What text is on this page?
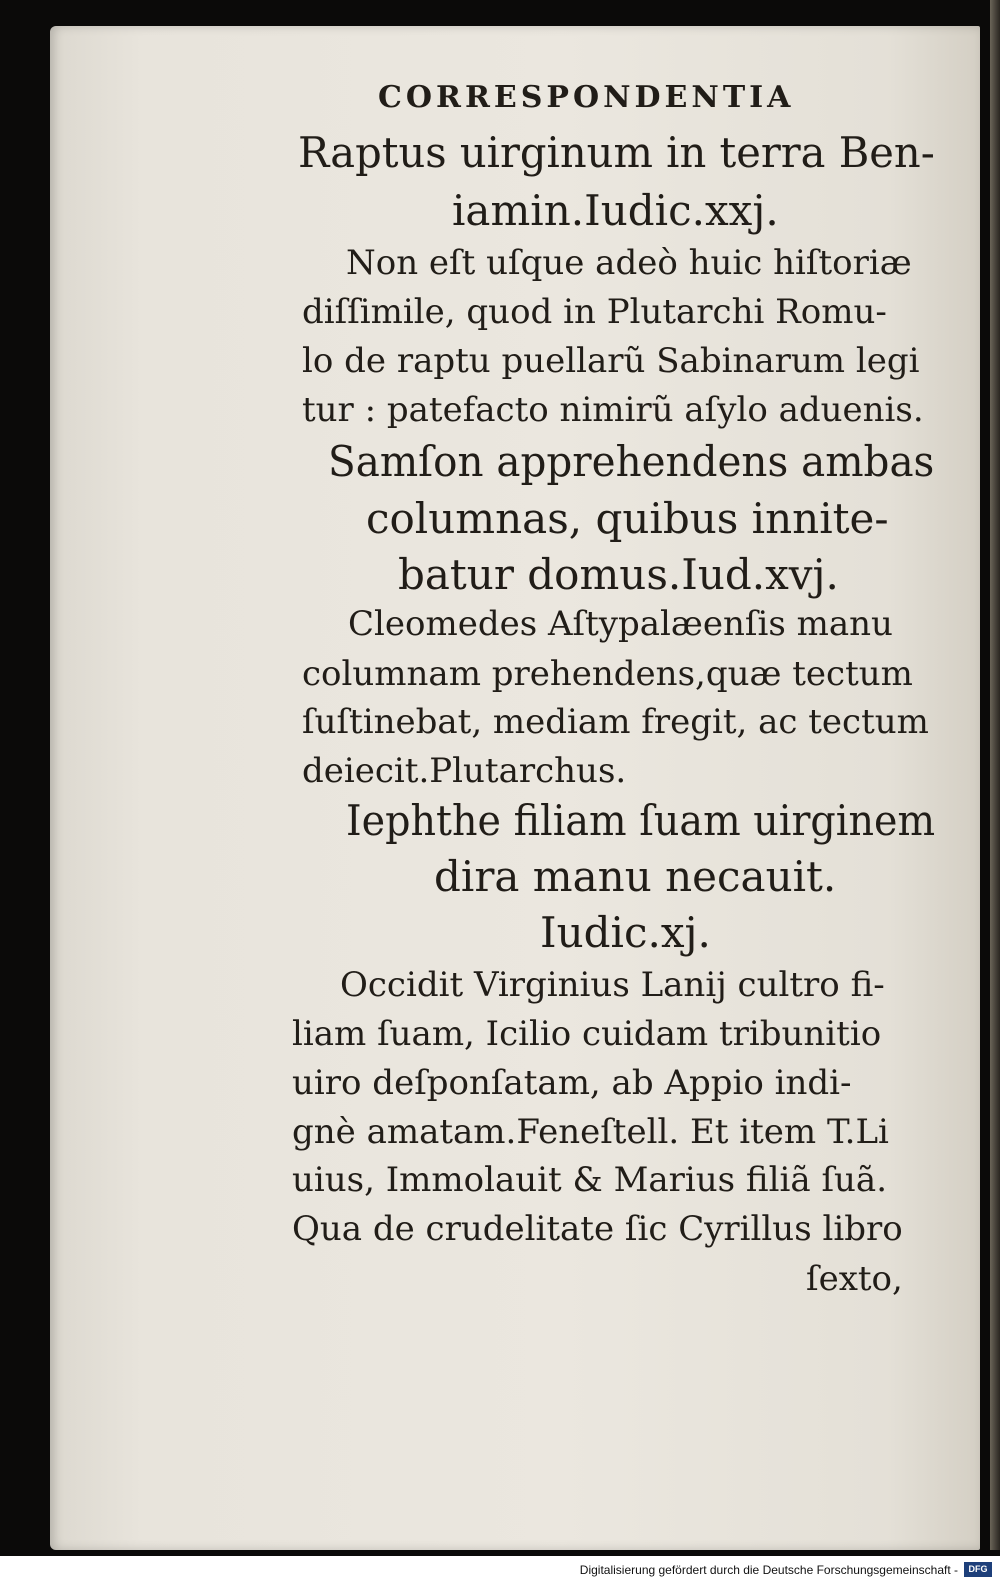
CORRESPONDENTIA
Raptus uirginum in terra Ben-
iamin.Iudic.xxj.
Non eſt uſque adeò huic hiſtoriæ
diſſimile, quod in Plutarchi Romu-
lo de raptu puellarũ Sabinarum legi
tur : patefacto nimirũ aſylo aduenis.
Samſon apprehendens ambas
columnas, quibus innite-
batur domus.Iud.xvj.
Cleomedes Aſtypalæenſis manu
columnam prehendens,quæ tectum
ſuſtinebat, mediam fregit, ac tectum
deiecit.Plutarchus.
Iephthe filiam ſuam uirginem
dira manu necauit.
Iudic.xj.
Occidit Virginius Lanij cultro fi-
liam ſuam, Icilio cuidam tribunitio
uiro deſponſatam, ab Appio indi-
gnè amatam.Feneſtell. Et item T.Li
uius, Immolauit & Marius filiã ſuã.
Qua de crudelitate ſic Cyrillus libro
ſexto,
Digitalisierung gefördert durch die Deutsche Forschungsgemeinschaft -	DFG
